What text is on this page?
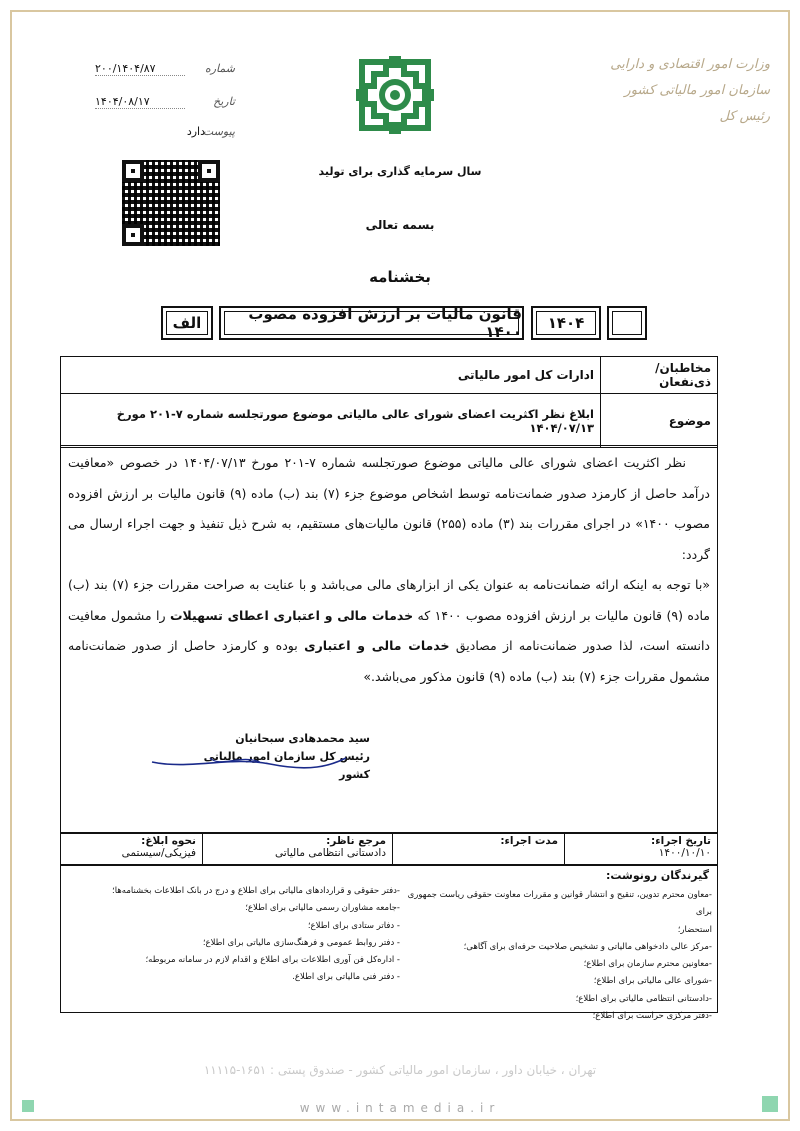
۲۰۰/۱۴۰۴/۸۷	شماره
۱۴۰۴/۰۸/۱۷	تاریخ
دارد
پیوست
وزارت امور اقتصادی و دارایی
سازمان امور مالیاتی کشور
رئیس کل
سال سرمایه گذاری برای تولید
بسمه تعالی
بخشنامه
الف	قانون مالیات بر ارزش افزوده مصوب ۱۴۰۰ ۱۴۰۴
مخاطبان/ذی‌نفعان	ادارات کل امور مالیاتی
موضوع	ابلاغ نظر اکثریت اعضای شورای عالی مالیاتی موضوع صورتجلسه شماره ۷-۲۰۱ مورخ ۱۴۰۴/۰۷/۱۳
نظر اکثریت اعضای شورای عالی مالیاتی موضوع صورتجلسه شماره ۷-۲۰۱ مورخ ۱۴۰۴/۰۷/۱۳ در خصوص «معافیت درآمد حاصل از کارمزد صدور ضمانت‌نامه توسط اشخاص موضوع جزء (۷) بند (ب) ماده (۹) قانون مالیات بر ارزش افزوده مصوب ۱۴۰۰» در اجرای مقررات بند (۳) ماده (۲۵۵) قانون مالیات‌های مستقیم، به شرح ذیل تنفیذ و جهت اجراء ارسال می گردد:
«با توجه به اینکه ارائه ضمانت‌نامه به عنوان یکی از ابزارهای مالی می‌باشد و با عنایت به صراحت مقررات جزء (۷) بند (ب) ماده (۹) قانون مالیات بر ارزش افزوده مصوب ۱۴۰۰ که خدمات مالی و اعتباری اعطای تسهیلات را مشمول معافیت دانسته است، لذا صدور ضمانت‌نامه از مصادیق خدمات مالی و اعتباری بوده و کارمزد حاصل از صدور ضمانت‌نامه مشمول مقررات جزء (۷) بند (ب) ماده (۹) قانون مذکور می‌باشد.»
سید محمدهادی سبحانیان
رئیس کل سازمان امور مالیاتی کشور
تاریخ اجراء:
۱۴۰۰/۱۰/۱۰
مدت اجراء:
مرجع ناظر:
دادستانی انتظامی مالیاتی
نحوه ابلاغ:
فیزیکی/سیستمی
گیرندگان رونوشت:
-معاون محترم تدوین، تنقیح و انتشار قوانین و مقررات معاونت حقوقی ریاست جمهوری برای
استحضار؛
-مرکز عالی دادخواهی مالیاتی و تشخیص صلاحیت حرفه‌ای برای آگاهی؛
-معاونین محترم سازمان برای اطلاع؛
-شورای عالی مالیاتی برای اطلاع؛
-دادستانی انتظامی مالیاتی برای اطلاع؛
-دفتر مرکزی حراست برای اطلاع؛
-دفتر حقوقی و قراردادهای مالیاتی برای اطلاع و درج در بانک اطلاعات بخشنامه‌ها؛
-جامعه مشاوران رسمی مالیاتی برای اطلاع؛
- دفاتر ستادی برای اطلاع؛
- دفتر روابط عمومی و فرهنگ‌سازی مالیاتی برای اطلاع؛
- اداره‌کل فن آوری اطلاعات برای اطلاع و اقدام لازم در سامانه مربوطه؛
- دفتر فنی مالیاتی برای اطلاع.
تهران ، خیابان داور ، سازمان امور مالیاتی کشور - صندوق پستی : ۱۶۵۱-۱۱۱۱۵
www.intamedia.ir
